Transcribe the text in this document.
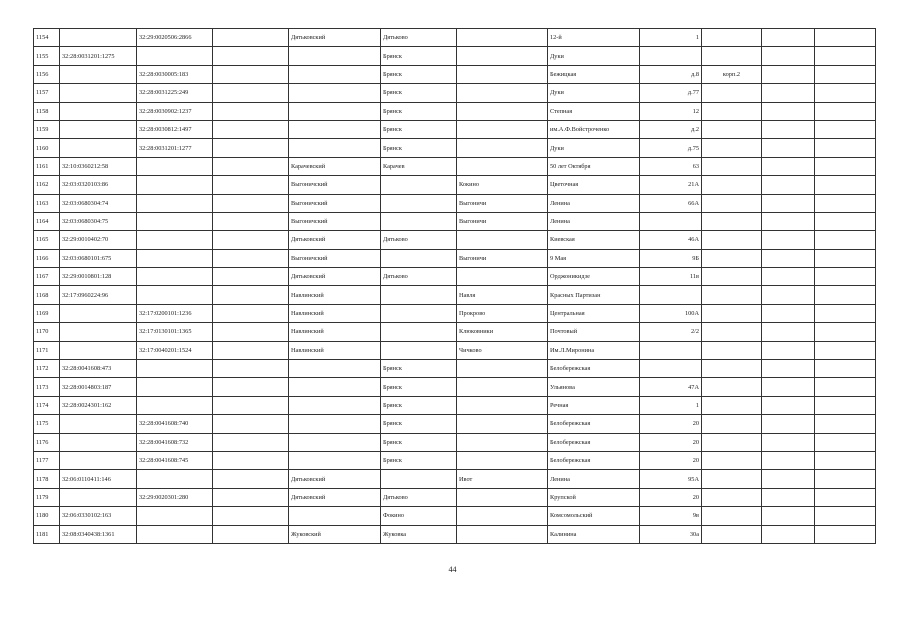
1154		32:29:0020506:2866		Дятьковский	Дятьково		12-й	1			
1155	32:28:0031201:1275				Брянск		Дуки				
1156		32:28:0030005:183			Брянск		Бежицкая	д.8	корп.2		
1157		32:28:0031225:249			Брянск		Дуки	д.77			
1158		32:28:0030902:1237			Брянск		Степная	12			
1159		32:28:0030812:1497			Брянск		им.А.Ф.Войстроченко	д.2			
1160		32:28:0031201:1277			Брянск		Дуки	д.75			
1161	32:10:0360212:58			Карачевский	Карачев		50 лет Октября	63			
1162	32:03:0320103:86			Выгоничский		Кокино	Цветочная	21А			
1163	32:03:0680304:74			Выгоничский		Выгоничи	Ленина	66А			
1164	32:03:0680304:75			Выгоничский		Выгоничи	Ленина				
1165	32:29:0010402:70			Дятьковский	Дятьково		Киевская	46А			
1166	32:03:0680101:675			Выгоничский		Выгоничи	9 Мая	9Б			
1167	32:29:0010801:128			Дятьковский	Дятьково		Орджоникидзе	11в			
1168	32:17:0960224:96			Навлинский		Навля	Красных Партизан				
1169		32:17:0200101:1236		Навлинский		Прокрово	Центральная	100А			
1170		32:17:0130101:1365		Навлинский		Клюковники	Почтовый	2/2			
1171		32:17:0040201:1524		Навлинский		Чичково	Им.Л.Миронина				
1172	32:28:0041608:473				Брянск		Белобережская				
1173	32:28:0014803:187				Брянск		Ульянова	47А			
1174	32:28:0024301:162				Брянск		Речная	1			
1175		32:28:0041608:740			Брянск		Белобережская	20			
1176		32:28:0041608:732			Брянск		Белобережская	20			
1177		32:28:0041608:745			Брянск		Белобережская	20			
1178	32:06:0110411:146			Дятьковский		Ивот	Ленина	95А			
1179		32:29:0020301:280		Дятьковский	Дятьково		Крупской	20			
1180	32:06:0330102:163				Фокино		Комсомольский	9в			
1181	32:08:0340438:1361			Жуковский	Жуковка		Калинина	30а			
44
